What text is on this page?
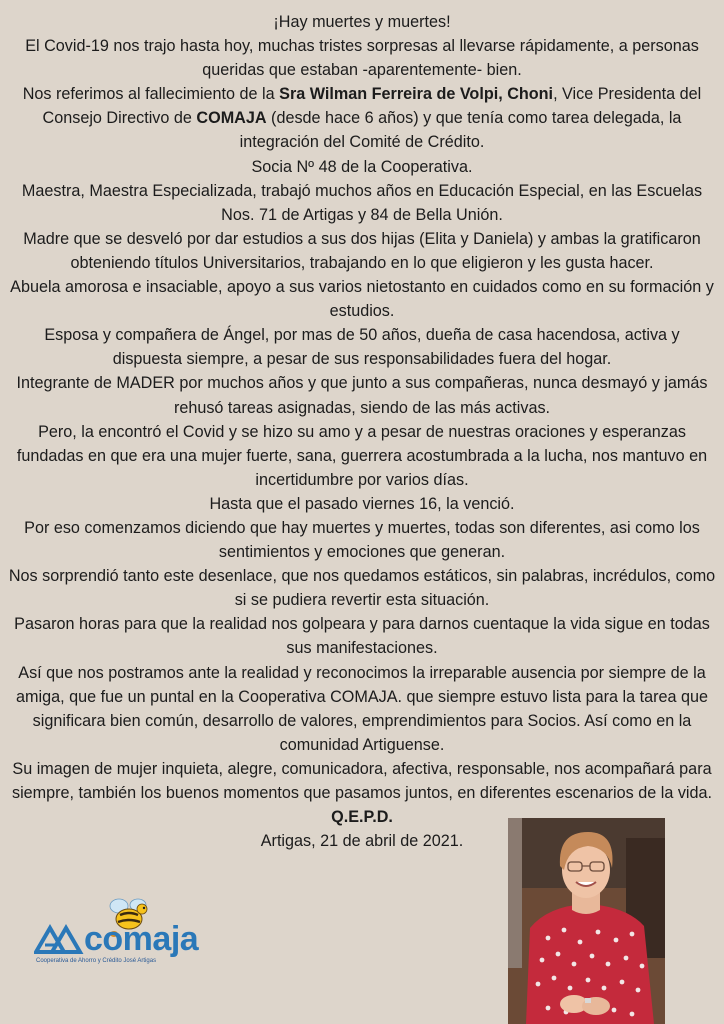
¡Hay muertes y muertes!

El Covid-19 nos trajo hasta hoy, muchas tristes sorpresas al llevarse rápidamente, a personas queridas que estaban -aparentemente- bien.

Nos referimos al fallecimiento de la Sra Wilman Ferreira de Volpi, Choni, Vice Presidenta del Consejo Directivo de COMAJA (desde hace 6 años) y que tenía como tarea delegada, la integración del Comité de Crédito.

Socia Nº 48 de la Cooperativa.

Maestra, Maestra Especializada, trabajó muchos años en Educación Especial, en las Escuelas Nos. 71 de Artigas y 84 de Bella Unión.

Madre que se desveló por dar estudios a sus dos hijas (Elita y Daniela) y ambas la gratificaron obteniendo títulos Universitarios, trabajando en lo que eligieron y les gusta hacer.

Abuela amorosa e insaciable, apoyo a sus varios nietostanto en cuidados como en su formación y estudios.

Esposa y compañera de Ángel, por mas de 50 años, dueña de casa hacendosa, activa y dispuesta siempre, a pesar de sus responsabilidades fuera del hogar.

Integrante de MADER por muchos años y que junto a sus compañeras, nunca desmayó y jamás rehusó tareas asignadas, siendo de las más activas.

Pero, la encontró el Covid y se hizo su amo y a pesar de nuestras oraciones y esperanzas fundadas en que era una mujer fuerte, sana, guerrera acostumbrada a la lucha, nos mantuvo en incertidumbre por varios días.

Hasta que el pasado viernes 16, la venció.

Por eso comenzamos diciendo que hay muertes y muertes, todas son diferentes, asi como los sentimientos y emociones que generan.

Nos sorprendió tanto este desenlace, que nos quedamos estáticos, sin palabras, incrédulos, como si se pudiera revertir esta situación.

Pasaron horas para que la realidad nos golpeara y para darnos cuentaque la vida sigue en todas sus manifestaciones.

Así que nos postramos ante la realidad y reconocimos la irreparable ausencia por siempre de la amiga, que fue un puntal en la Cooperativa COMAJA. que siempre estuvo lista para la tarea que significara bien común, desarrollo de valores, emprendimientos para Socios. Así como en la comunidad Artiguense.

Su imagen de mujer inquieta, alegre, comunicadora, afectiva, responsable, nos acompañará para siempre, también los buenos momentos que pasamos juntos, en diferentes escenarios de la vida.

Q.E.P.D.

Artigas, 21 de abril de 2021.

comaja
Cooperativa de Ahorro y Crédito José Artigas
